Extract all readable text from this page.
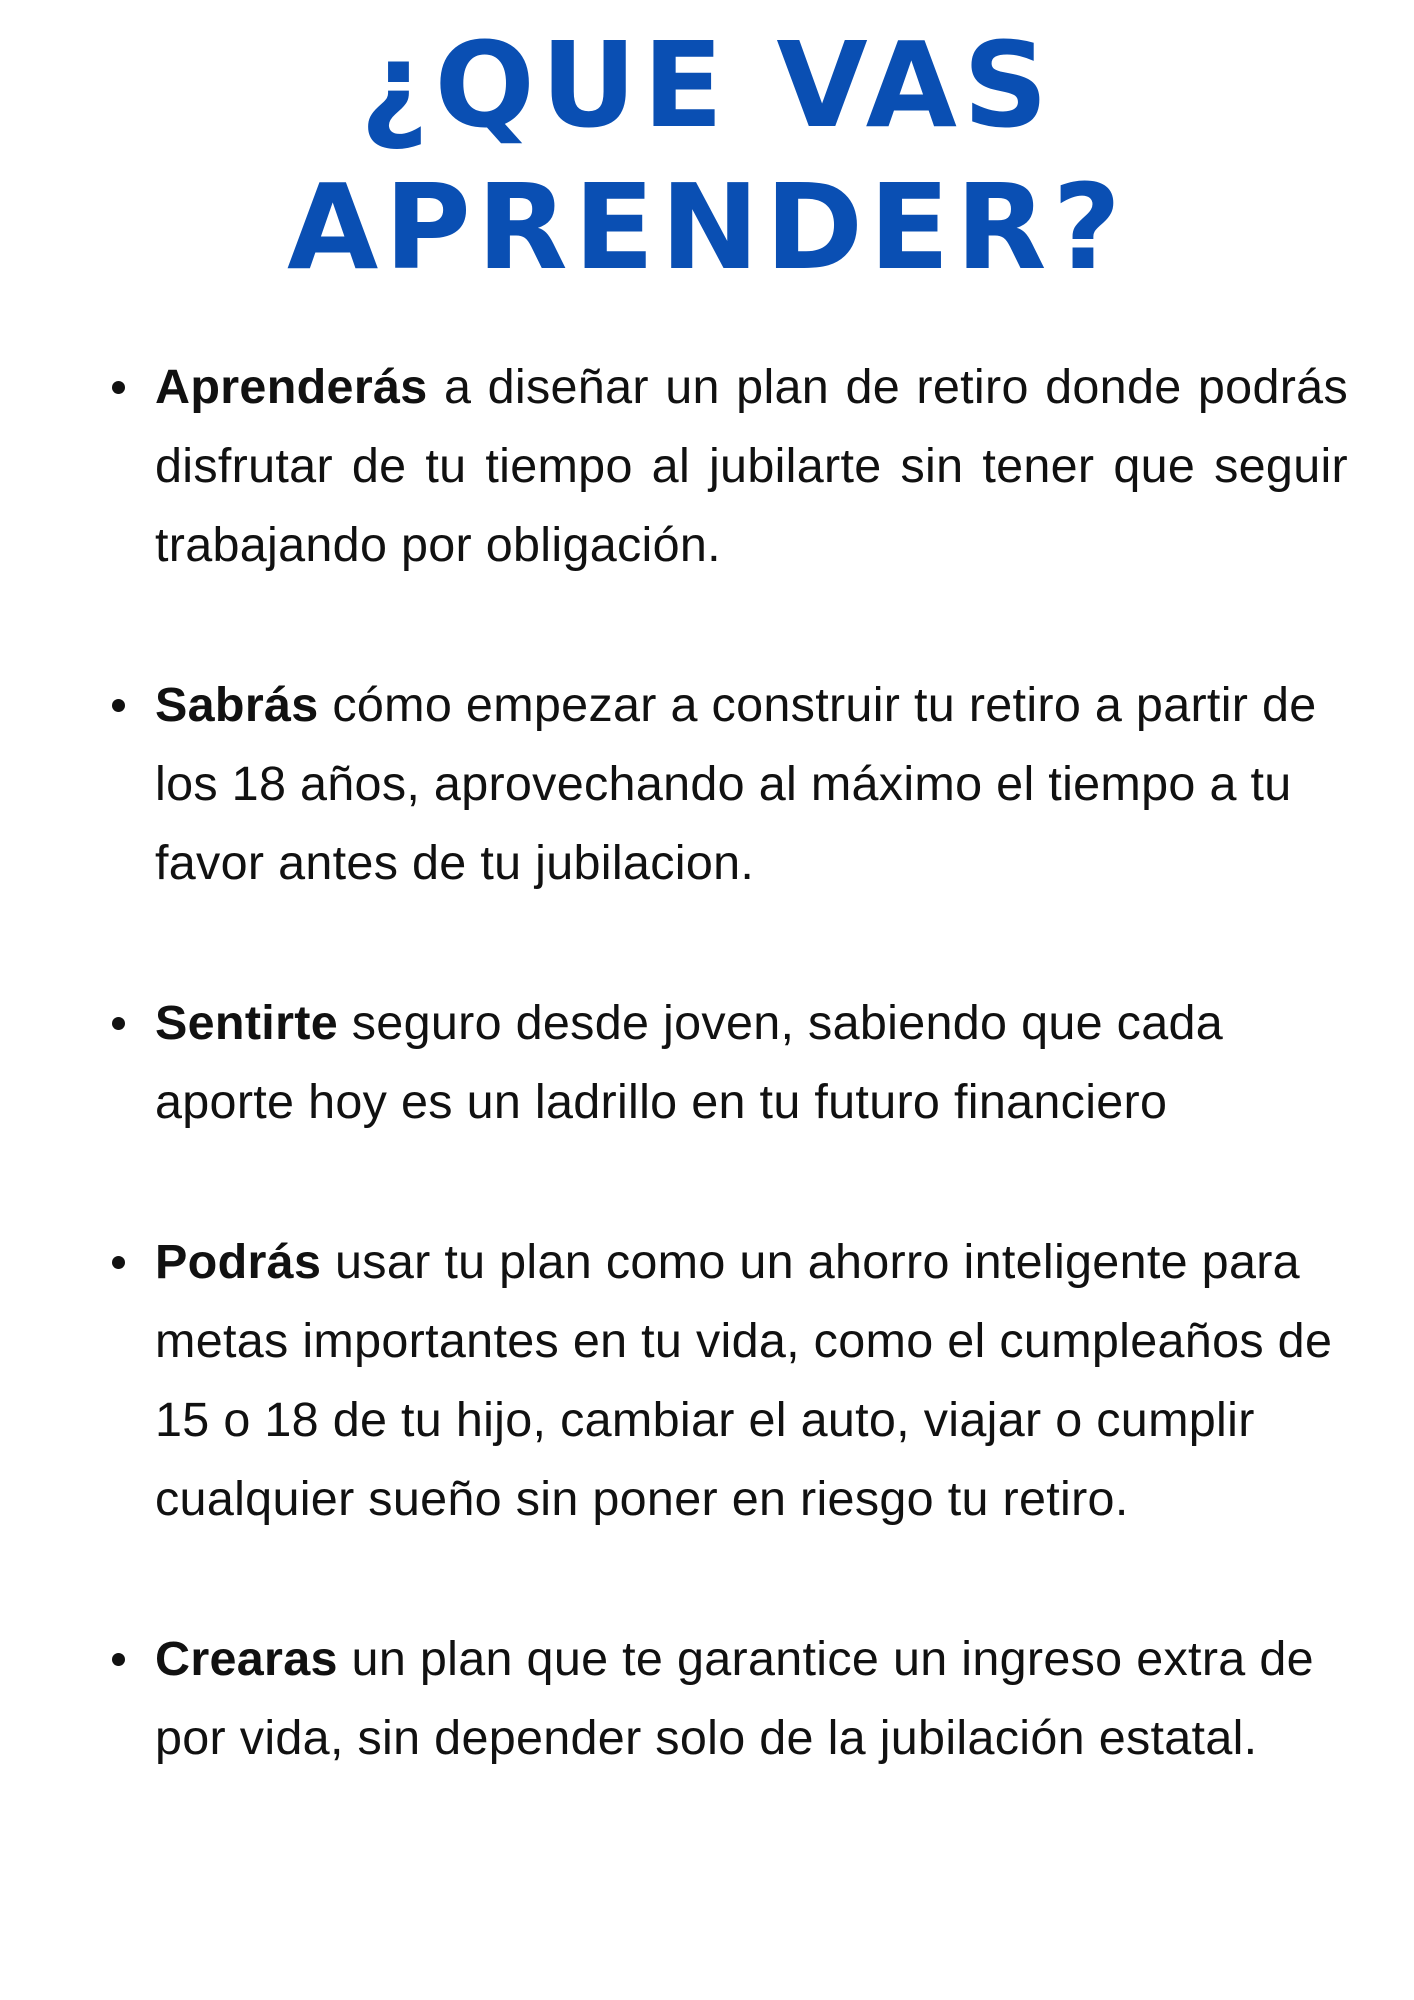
¿QUE VAS
APRENDER?
Aprenderás a diseñar un plan de retiro donde podrás disfrutar de tu tiempo al jubilarte sin tener que seguir trabajando por obligación.
Sabrás cómo empezar a construir tu retiro a partir de los 18 años, aprovechando al máximo el tiempo a tu favor antes de tu jubilacion.
Sentirte seguro desde joven, sabiendo que cada aporte hoy es un ladrillo en tu futuro financiero
Podrás usar tu plan como un ahorro inteligente para metas importantes en tu vida, como el cumpleaños de 15 o 18 de tu hijo, cambiar el auto, viajar o cumplir cualquier sueño sin poner en riesgo tu retiro.
Crearas un plan que te garantice un ingreso extra de por vida, sin depender solo de la jubilación estatal.
